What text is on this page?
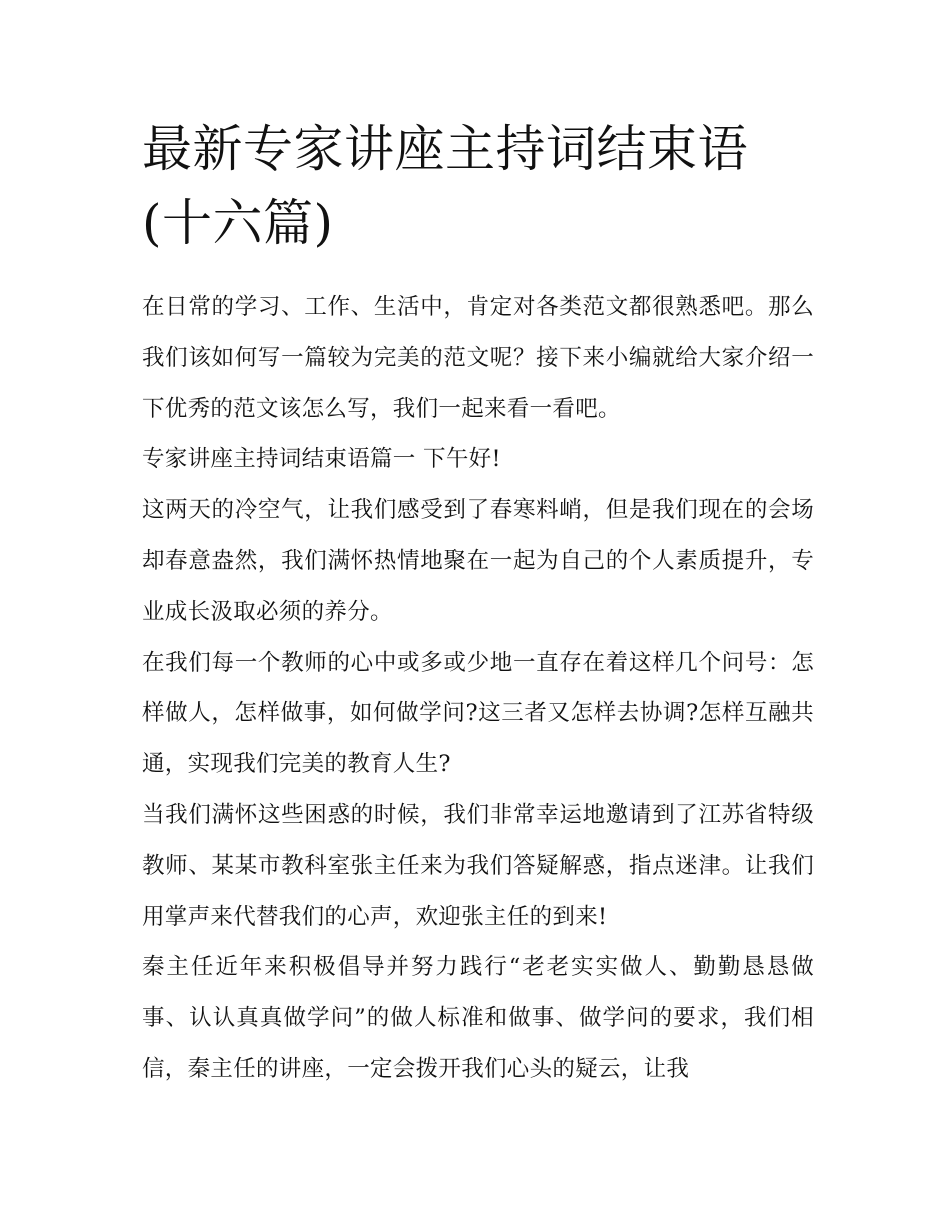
最新专家讲座主持词结束语(十六篇)

在日常的学习、工作、生活中，肯定对各类范文都很熟悉吧。那么我们该如何写一篇较为完美的范文呢？接下来小编就给大家介绍一下优秀的范文该怎么写，我们一起来看一看吧。

专家讲座主持词结束语篇一 下午好!

这两天的冷空气，让我们感受到了春寒料峭，但是我们现在的会场却春意盎然，我们满怀热情地聚在一起为自己的个人素质提升，专业成长汲取必须的养分。

在我们每一个教师的心中或多或少地一直存在着这样几个问号：怎样做人，怎样做事，如何做学问?这三者又怎样去协调?怎样互融共通，实现我们完美的教育人生?

当我们满怀这些困惑的时候，我们非常幸运地邀请到了江苏省特级教师、某某市教科室张主任来为我们答疑解惑，指点迷津。让我们用掌声来代替我们的心声，欢迎张主任的到来!

秦主任近年来积极倡导并努力践行“老老实实做人、勤勤恳恳做事、认认真真做学问”的做人标准和做事、做学问的要求，我们相信，秦主任的讲座，一定会拨开我们心头的疑云，让我
